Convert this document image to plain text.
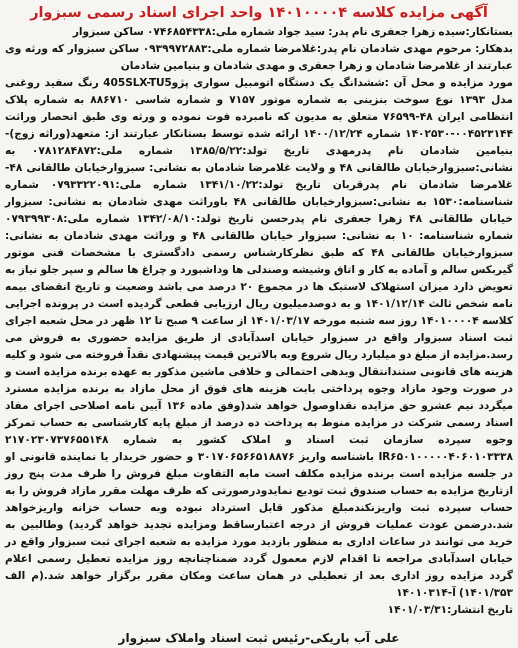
آگهی مزایده کلاسه ۱۴۰۱۰۰۰۰۴ واحد اجرای اسناد رسمی سبزوار

بستانکار:سیده زهرا جعفری نام پدر: سید جواد شماره ملی:۰۷۴۶۸۵۴۳۳۸ ساکن سبزوار

بدهکار: مرحوم مهدی شادمان نام پدر:غلامرضا شماره ملی:۰۹۳۹۹۷۲۸۸۳ ساکن سبزوار که ورثه وی عبارتند از غلامرضا شادمان و زهرا جعفری و مهدی شادمان و بنیامین شادمان

مورد مزایده و محل آن :ششدانگ یک دستگاه اتومبیل سواری پژو405SLX-TU5 رنگ سفید روغنی مدل ۱۳۹۳ نوع سوخت بنزینی به شماره موتور ۷۱۵۷ و شماره شاسی ۸۸۶۷۱۰ به شماره پلاک انتظامی ایران ۴۸-۷۶۵۹۹ متعلق به مدیون که نامبرده فوت نموده و ورثه وی طبق انحصار وراثت ۰۰۴۵۲۳۱۴۴-۱۴۰۲۵۳۰ شماره ۱۴۰۰/۱۲/۲۴ ارائه شده توسط بستانکار عبارتند از: متعهد(وراثه زوج)-بنیامین شادمان نام پدرمهدی تاریخ تولد:۱۳۸۵/۵/۲۲ شماره ملی:۰۷۸۱۲۸۴۸۷۲ به نشانی:سبزوارخیابان طالقانی ۴۸ و ولایت غلامرضا شادمان به نشانی: سبزوارخیابان طالقانی ۴۸- غلامرضا شادمان نام پدرقربان تاریخ تولد:۱۳۴۱/۱۰/۲۲ شماره ملی:۰۷۹۳۳۲۲۰۹۱ شماره شناسنامه:۱۵۳۰ به نشانی:سبزوارخیابان طالقانی ۴۸ باوراثت مهدی شادمان به نشانی: سبزوار خیابان طالقانی ۴۸ زهرا جعفری نام پدرحسن تاریخ تولد:۱۳۴۲/۰۸/۱۰ شماره ملی:۰۷۹۳۹۹۳۰۸ شماره شناسنامه: ۱۰ به نشانی: سبزوار خیابان طالقانی ۴۸ و وراثت مهدی شادمان به نشانی: سبزوارخیابان طالقانی ۴۸ که طبق نظرکارشناس رسمی دادگستری با مشخصات فنی موتور گیربکس سالم و آماده به کار و اتاق وشیشه وصندلی ها وداشبورد و چراغ ها سالم و سپر جلو نیاز به تعویض دارد میزان استهلاک لاستیک ها در مجموع ۲۰ درصد می باشد وضعیت و تاریخ انقضای بیمه نامه شخص ثالث ۱۴۰۱/۱۲/۱۴ و به دوصدمیلیون ریال ارزیابی قطعی گردیده است در پرونده اجرایی کلاسه ۱۴۰۱۰۰۰۰۴ روز سه شنبه مورخه ۱۴۰۱/۰۳/۱۷ از ساعت ۹ صبح تا ۱۲ ظهر در محل شعبه اجرای ثبت اسناد سبزوار واقع در سبزوار خیابان اسدآبادی از طریق مزایده حضوری به فروش می رسد.مزایده از مبلغ دو میلیارد ریال شروع وبه بالاترین قیمت پیشنهادی نقداً فروخته می شود و کلیه هزینه های قانونی ستندانتقال وبدهی احتمالی و خلافی ماشین مذکور به عهده برنده مزایده است و در صورت وجود مازاد وجوه پرداختی بابت هزینه های فوق از محل مازاد به برنده مزایده مسترد میگردد نیم عشرو حق مزایده نقداوصول خواهد شد(وفق ماده ۱۳۶ آیین نامه اصلاحی اجرای مفاد اسناد رسمی شرکت در مزایده منوط به پرداخت ده درصد از مبلغ پایه کارشناسی به حساب تمرکز وجوه سپرده سازمان ثبت اسناد و املاک کشور به شماره ۲۱۷۰۲۳۰۷۳۷۶۵۵۱۴۸ IR۶۵۰۱۰۰۰۰۰۴۰۶۰۱۰۳۳۳۸ باشناسه واریز ۳۰۱۷۰۶۵۶۶۵۱۸۸۷۶ و حضور خریدار یا نماینده قانونی او در جلسه مزایده است برنده مزایده مکلف است مابه التفاوت مبلغ فروش را ظرف مدت پنج روز ازتاریخ مزایده به حساب صندوق ثبت تودیع نمایدودرصورتی که ظرف مهلت مقرر مازاد فروش را به حساب سپرده ثبت واریزنکندمبلغ مذکور قابل استرداد نبوده وبه حساب خزانه واریزخواهد شد.درضمن عودت عملیات فروش از درجه اعتبارساقط ومزایده تجدید خواهد گردید) وطالبین به خرید می توانند در ساعات اداری به منظور بازدید مورد مزایده به شعبه اجرای ثبت سبزوار واقع در خیابان اسدآبادی مراجعه تا اقدام لازم معمول گردد ضمناچنانچه روز مزایده تعطیل رسمی اعلام گردد مزایده روز اداری بعد از تعطیلی در همان ساعت ومکان مقرر برگزار خواهد شد.(م الف ۱۴۰۱/۳۵۳) آ-۱۴۰۱۰۳۱۴

تاریخ انتشار:۱۴۰۱/۰۳/۳۱

علی آب باریکی-رئیس ثبت اسناد واملاک سبزوار
